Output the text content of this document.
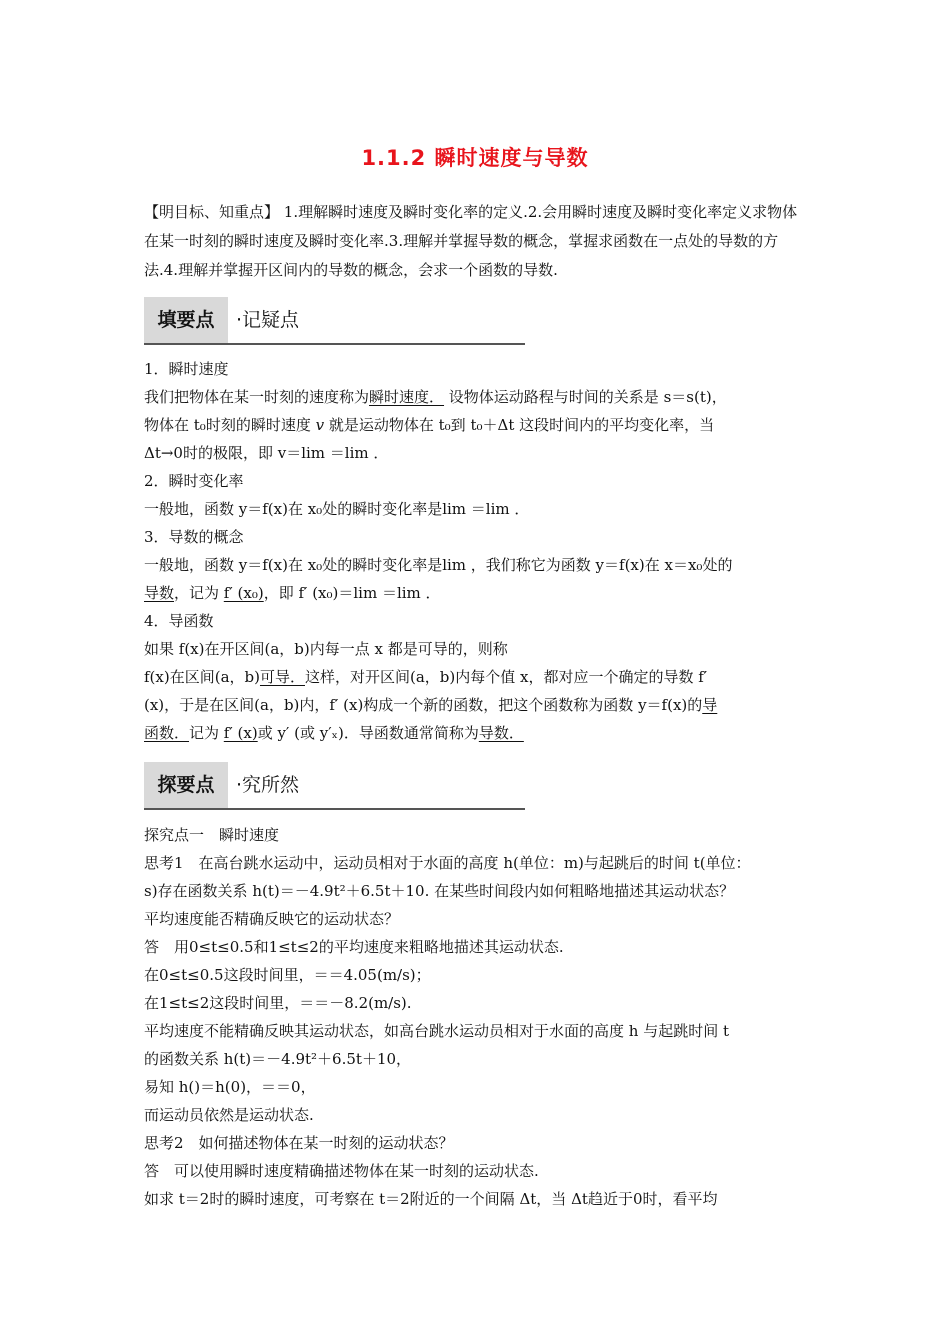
1.1.2 瞬时速度与导数
【明目标、知重点】 1.理解瞬时速度及瞬时变化率的定义.2.会用瞬时速度及瞬时变化率定义求物体在某一时刻的瞬时速度及瞬时变化率.3.理解并掌握导数的概念，掌握求函数在一点处的导数的方法.4.理解并掌握开区间内的导数的概念，会求一个函数的导数.
填要点	·记疑点
1．瞬时速度
我们把物体在某一时刻的速度称为瞬时速度． 设物体运动路程与时间的关系是 s＝s(t)，
物体在 t₀时刻的瞬时速度 v 就是运动物体在 t₀到 t₀＋Δt 这段时间内的平均变化率，当
Δt→0时的极限，即 v＝lim ＝lim ．
2．瞬时变化率
一般地，函数 y＝f(x)在 x₀处的瞬时变化率是lim ＝lim ．
3．导数的概念
一般地，函数 y＝f(x)在 x₀处的瞬时变化率是lim ，我们称它为函数 y＝f(x)在 x＝x₀处的
导数，记为 f′ (x₀)，即 f′ (x₀)＝lim ＝lim ．
4．导函数
如果 f(x)在开区间(a，b)内每一点 x 都是可导的，则称
f(x)在区间(a，b)可导．这样，对开区间(a，b)内每个值 x，都对应一个确定的导数 f′
(x)，于是在区间(a，b)内，f′ (x)构成一个新的函数，把这个函数称为函数 y＝f(x)的导
函数．记为 f′ (x)或 y′ (或 y′ₓ)．导函数通常简称为导数．
探要点	·究所然
探究点一　瞬时速度
思考1　在高台跳水运动中，运动员相对于水面的高度 h(单位：m)与起跳后的时间 t(单位：
s)存在函数关系 h(t)＝－4.9t²＋6.5t＋10. 在某些时间段内如何粗略地描述其运动状态？
平均速度能否精确反映它的运动状态？
答　用0≤t≤0.5和1≤t≤2的平均速度来粗略地描述其运动状态.
在0≤t≤0.5这段时间里，＝＝4.05(m/s)；
在1≤t≤2这段时间里，＝＝－8.2(m/s).
平均速度不能精确反映其运动状态，如高台跳水运动员相对于水面的高度 h 与起跳时间 t
的函数关系 h(t)＝－4.9t²＋6.5t＋10，
易知 h()＝h(0)，＝＝0，
而运动员依然是运动状态.
思考2　如何描述物体在某一时刻的运动状态？
答　可以使用瞬时速度精确描述物体在某一时刻的运动状态.
如求 t＝2时的瞬时速度，可考察在 t＝2附近的一个间隔 Δt，当 Δt趋近于0时，看平均
